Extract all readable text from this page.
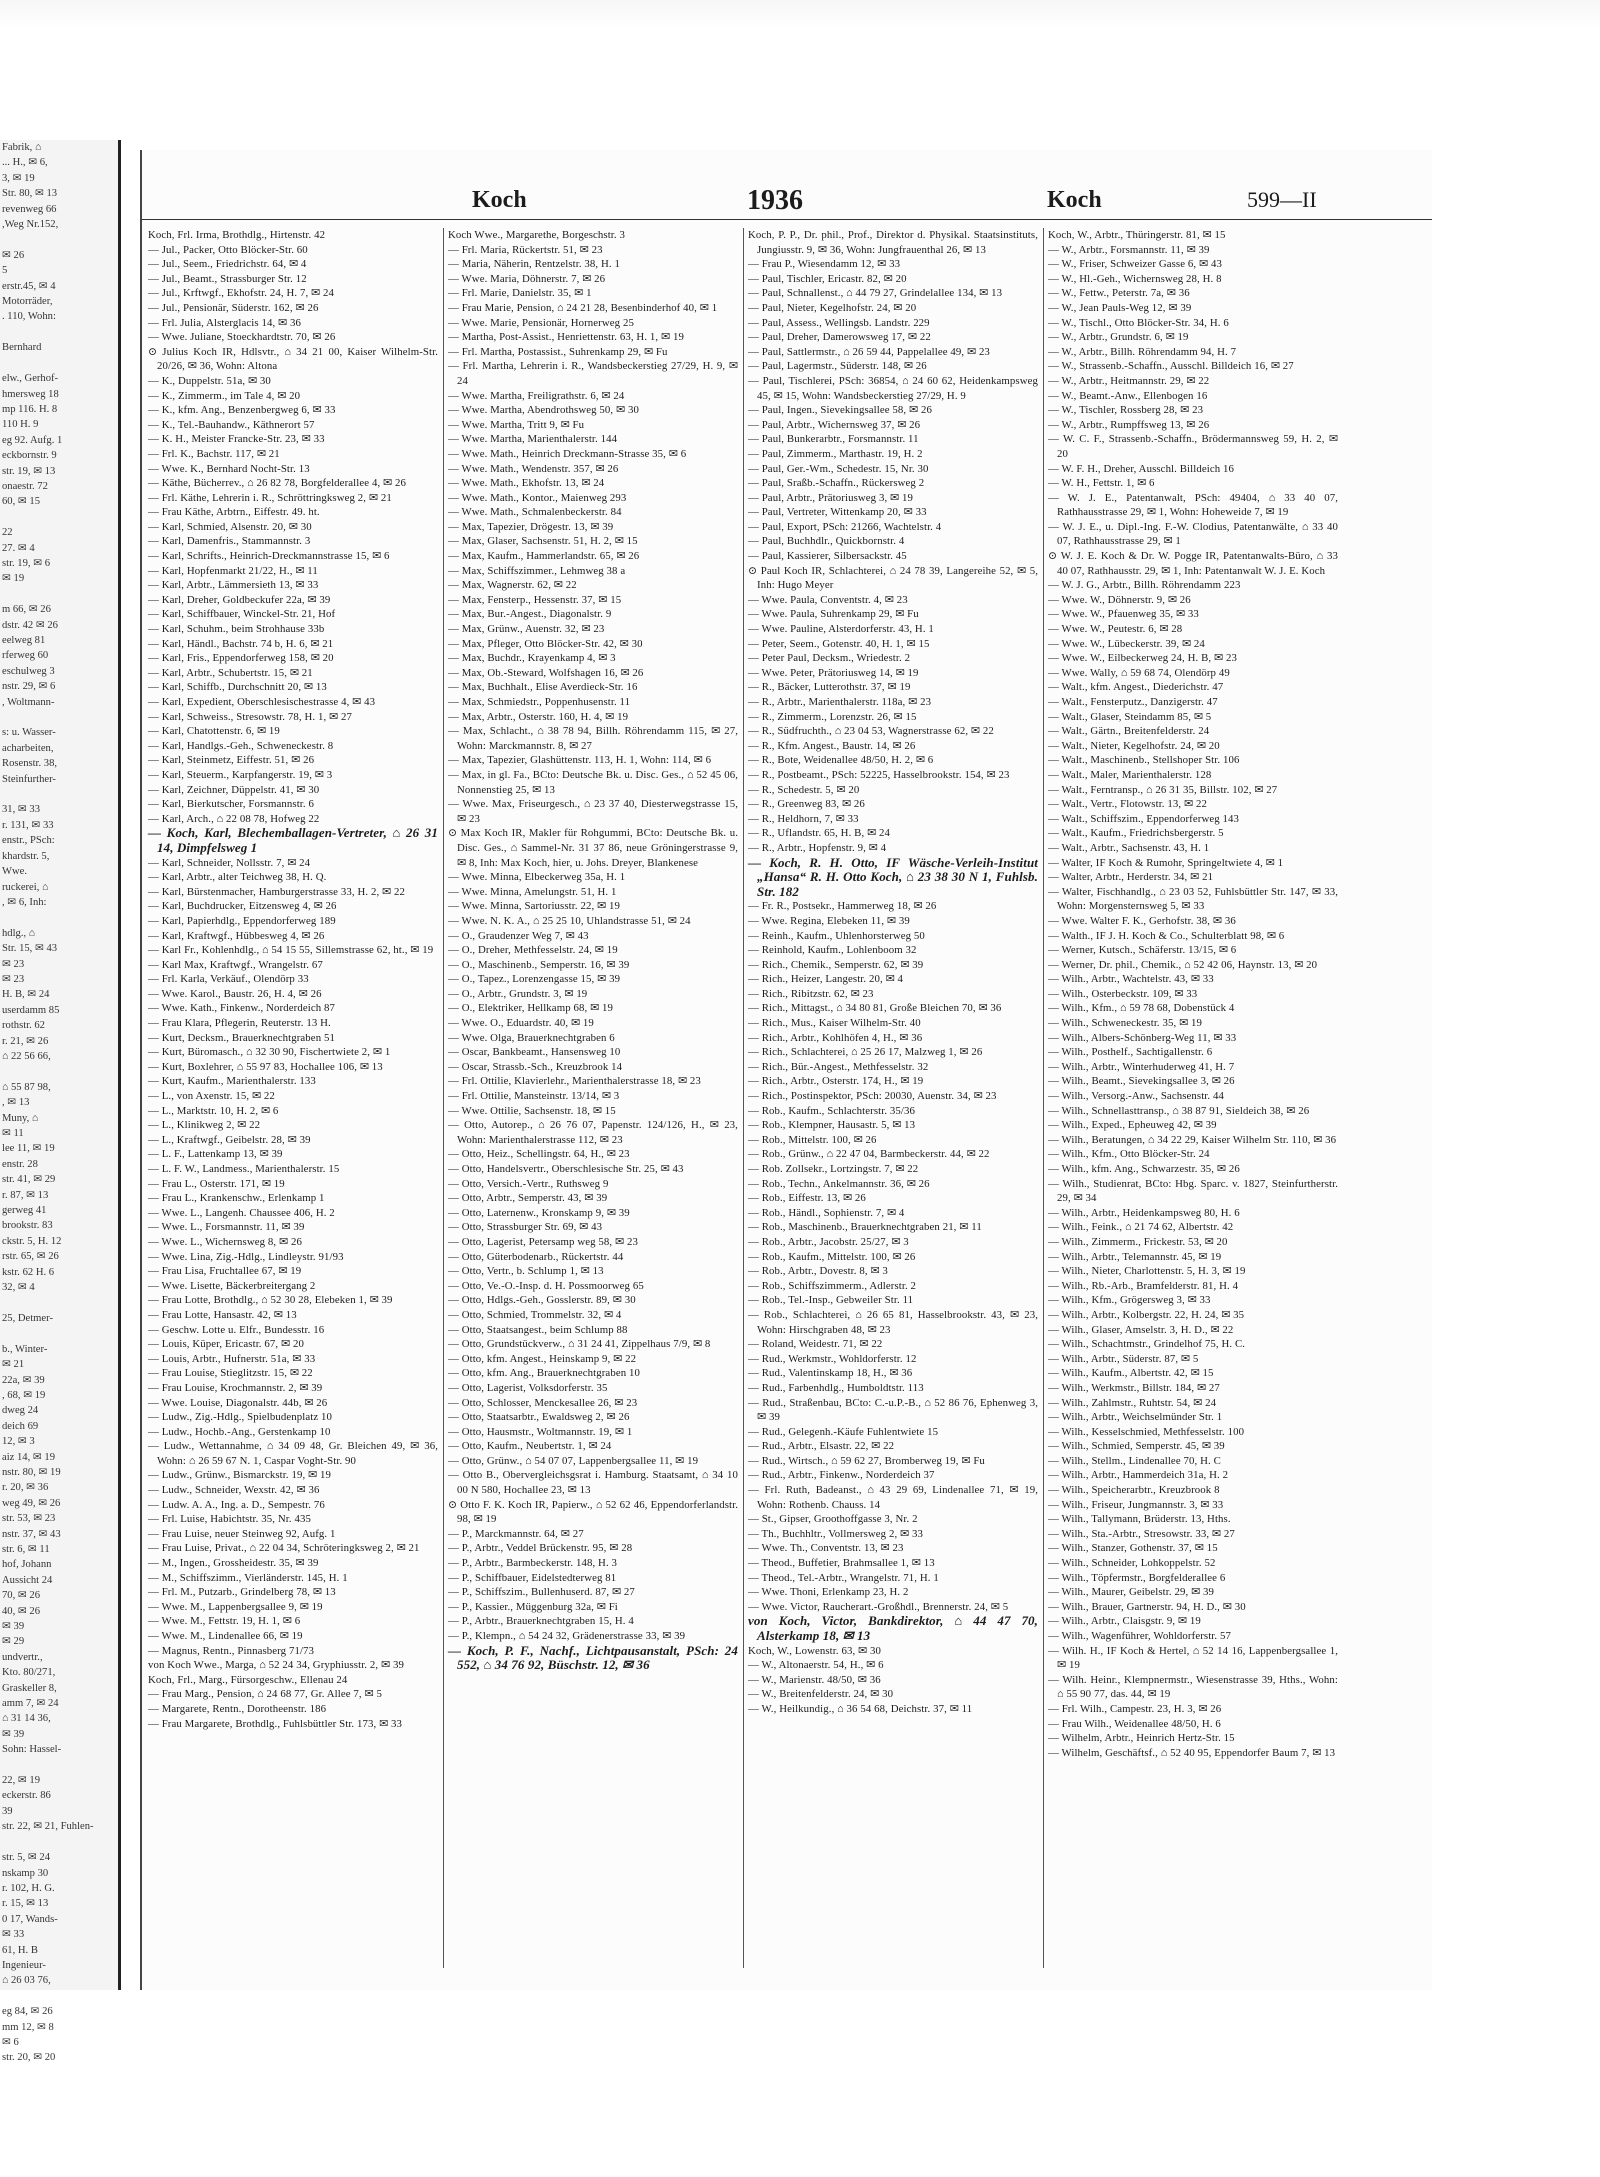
Fabrik, ⌂
... H., ✉ 6,
3, ✉ 19
Str. 80, ✉ 13
revenweg 66
,Weg Nr.152,

✉ 26
5
erstr.45, ✉ 4
Motorräder,
. 110, Wohn:

Bernhard

elw., Gerhof-
hmersweg 18
mp 116. H. 8
110 H. 9
eg 92. Aufg. 1
eckbornstr. 9
str. 19, ✉ 13
onaestr. 72
60, ✉ 15

22
27. ✉ 4
str. 19, ✉ 6
✉ 19

m 66, ✉ 26
dstr. 42 ✉ 26
eelweg 81
rferweg 60
eschulweg 3
nstr. 29, ✉ 6
, Woltmann-

s: u. Wasser-
acharbeiten,
Rosenstr. 38,
Steinfurther-

31, ✉ 33
r. 131, ✉ 33
enstr., PSch:
khardstr. 5,
Wwe.
ruckerei, ⌂
, ✉ 6, Inh:

hdlg., ⌂
Str. 15, ✉ 43
✉ 23
✉ 23
H. B, ✉ 24
userdamm 85
rothstr. 62
r. 21, ✉ 26
⌂ 22 56 66,

⌂ 55 87 98,
, ✉ 13
Muny, ⌂
✉ 11
lee 11, ✉ 19
enstr. 28
str. 41, ✉ 29
r. 87, ✉ 13
gerweg 41
brookstr. 83
ckstr. 5, H. 12
rstr. 65, ✉ 26
kstr. 62 H. 6
32, ✉ 4

25, Detmer-

b., Winter-
✉ 21
22a, ✉ 39
, 68, ✉ 19
dweg 24
deich 69
12, ✉ 3
aiz 14, ✉ 19
nstr. 80, ✉ 19
r. 20, ✉ 36
weg 49, ✉ 26
str. 53, ✉ 23
nstr. 37, ✉ 43
str. 6, ✉ 11
hof, Johann
Aussicht 24
70, ✉ 26
40, ✉ 26
✉ 39
✉ 29
undvertr.,
Kto. 80/271,
Graskeller 8,
amm 7, ✉ 24
⌂ 31 14 36,
✉ 39
Sohn: Hassel-

22, ✉ 19
eckerstr. 86
39
str. 22, ✉ 21, Fuhlen-

str. 5, ✉ 24
nskamp 30
r. 102, H. G.
r. 15, ✉ 13
0 17, Wands-
✉ 33
61, H. B
Ingenieur-
⌂ 26 03 76,

eg 84, ✉ 26
mm 12, ✉ 8
✉ 6
str. 20, ✉ 20
Koch	1936	Koch	599—II

Koch, Frl. Irma, Brothdlg., Hirtenstr. 42

— Jul., Packer, Otto Blöcker-Str. 60

— Jul., Seem., Friedrichstr. 64, ✉ 4

— Jul., Beamt., Strassburger Str. 12

— Jul., Krftwgf., Ekhofstr. 24, H. 7, ✉ 24

— Jul., Pensionär, Süderstr. 162, ✉ 26

— Frl. Julia, Alsterglacis 14, ✉ 36

— Wwe. Juliane, Stoeckhardtstr. 70, ✉ 26

⊙ Julius Koch IR, Hdlsvtr., ⌂ 34 21 00, Kaiser Wilhelm-Str. 20/26, ✉ 36, Wohn: Altona

— K., Duppelstr. 51a, ✉ 30

— K., Zimmerm., im Tale 4, ✉ 20

— K., kfm. Ang., Benzenbergweg 6, ✉ 33

— K., Tel.-Bauhandw., Käthnerort 57

— K. H., Meister Francke-Str. 23, ✉ 33

— Frl. K., Bachstr. 117, ✉ 21

— Wwe. K., Bernhard Nocht-Str. 13

— Käthe, Bücherrev., ⌂ 26 82 78, Borgfelderallee 4, ✉ 26

— Frl. Käthe, Lehrerin i. R., Schröttringksweg 2, ✉ 21

— Frau Käthe, Arbtrn., Eiffestr. 49. ht.

— Karl, Schmied, Alsenstr. 20, ✉ 30

— Karl, Damenfris., Stammannstr. 3

— Karl, Schrifts., Heinrich-Dreckmannstrasse 15, ✉ 6

— Karl, Hopfenmarkt 21/22, H., ✉ 11

— Karl, Arbtr., Lämmersieth 13, ✉ 33

— Karl, Dreher, Goldbeckufer 22a, ✉ 39

— Karl, Schiffbauer, Winckel-Str. 21, Hof

— Karl, Schuhm., beim Strohhause 33b

— Karl, Händl., Bachstr. 74 b, H. 6, ✉ 21

— Karl, Fris., Eppendorferweg 158, ✉ 20

— Karl, Arbtr., Schubertstr. 15, ✉ 21

— Karl, Schiffb., Durchschnitt 20, ✉ 13

— Karl, Expedient, Oberschlesischestrasse 4, ✉ 43

— Karl, Schweiss., Stresowstr. 78, H. 1, ✉ 27

— Karl, Chatottenstr. 6, ✉ 19

— Karl, Handlgs.-Geh., Schweneckestr. 8

— Karl, Steinmetz, Eiffestr. 51, ✉ 26

— Karl, Steuerm., Karpfangerstr. 19, ✉ 3

— Karl, Zeichner, Düppelstr. 41, ✉ 30

— Karl, Bierkutscher, Forsmannstr. 6

— Karl, Arch., ⌂ 22 08 78, Hofweg 22

— Koch, Karl, Blechemballagen-Vertreter, ⌂ 26 31 14, Dimpfelsweg 1

— Karl, Schneider, Nollsstr. 7, ✉ 24

— Karl, Arbtr., alter Teichweg 38, H. Q.

— Karl, Bürstenmacher, Hamburgerstrasse 33, H. 2, ✉ 22

— Karl, Buchdrucker, Eitzensweg 4, ✉ 26

— Karl, Papierhdlg., Eppendorferweg 189

— Karl, Kraftwgf., Hübbesweg 4, ✉ 26

— Karl Fr., Kohlenhdlg., ⌂ 54 15 55, Sillemstrasse 62, ht., ✉ 19

— Karl Max, Kraftwgf., Wrangelstr. 67

— Frl. Karla, Verkäuf., Olendörp 33

— Wwe. Karol., Baustr. 26, H. 4, ✉ 26

— Wwe. Kath., Finkenw., Norderdeich 87

— Frau Klara, Pflegerin, Reuterstr. 13 H.

— Kurt, Decksm., Brauerknechtgraben 51

— Kurt, Büromasch., ⌂ 32 30 90, Fischertwiete 2, ✉ 1

— Kurt, Boxlehrer, ⌂ 55 97 83, Hochallee 106, ✉ 13

— Kurt, Kaufm., Marienthalerstr. 133

— L., von Axenstr. 15, ✉ 22

— L., Marktstr. 10, H. 2, ✉ 6

— L., Klinikweg 2, ✉ 22

— L., Kraftwgf., Geibelstr. 28, ✉ 39

— L. F., Lattenkamp 13, ✉ 39

— L. F. W., Landmess., Marienthalerstr. 15

— Frau L., Osterstr. 171, ✉ 19

— Frau L., Krankenschw., Erlenkamp 1

— Wwe. L., Langenh. Chaussee 406, H. 2

— Wwe. L., Forsmannstr. 11, ✉ 39

— Wwe. L., Wichernsweg 8, ✉ 26

— Wwe. Lina, Zig.-Hdlg., Lindleystr. 91/93

— Frau Lisa, Fruchtallee 67, ✉ 19

— Wwe. Lisette, Bäckerbreitergang 2

— Frau Lotte, Brothdlg., ⌂ 52 30 28, Elebeken 1, ✉ 39

— Frau Lotte, Hansastr. 42, ✉ 13

— Geschw. Lotte u. Elfr., Bundesstr. 16

— Louis, Küper, Ericastr. 67, ✉ 20

— Louis, Arbtr., Hufnerstr. 51a, ✉ 33

— Frau Louise, Stieglitzstr. 15, ✉ 22

— Frau Louise, Krochmannstr. 2, ✉ 39

— Wwe. Louise, Diagonalstr. 44b, ✉ 26

— Ludw., Zig.-Hdlg., Spielbudenplatz 10

— Ludw., Hochb.-Ang., Gerstenkamp 10

— Ludw., Wettannahme, ⌂ 34 09 48, Gr. Bleichen 49, ✉ 36, Wohn: ⌂ 26 59 67 N. 1, Caspar Voght-Str. 90

— Ludw., Grünw., Bismarckstr. 19, ✉ 19

— Ludw., Schneider, Wexstr. 42, ✉ 36

— Ludw. A. A., Ing. a. D., Sempestr. 76

— Frl. Luise, Habichtstr. 35, Nr. 435

— Frau Luise, neuer Steinweg 92, Aufg. 1

— Frau Luise, Privat., ⌂ 22 04 34, Schröteringksweg 2, ✉ 21

— M., Ingen., Grossheidestr. 35, ✉ 39

— M., Schiffszimm., Vierländerstr. 145, H. 1

— Frl. M., Putzarb., Grindelberg 78, ✉ 13

— Wwe. M., Lappenbergsallee 9, ✉ 19

— Wwe. M., Fettstr. 19, H. 1, ✉ 6

— Wwe. M., Lindenallee 66, ✉ 19

— Magnus, Rentn., Pinnasberg 71/73

von Koch Wwe., Marga, ⌂ 52 24 34, Gryphiusstr. 2, ✉ 39

Koch, Frl., Marg., Fürsorgeschw., Ellenau 24

— Frau Marg., Pension, ⌂ 24 68 77, Gr. Allee 7, ✉ 5

— Margarete, Rentn., Dorotheenstr. 186

— Frau Margarete, Brothdlg., Fuhlsbüttler Str. 173, ✉ 33

Koch Wwe., Margarethe, Borgeschstr. 3

— Frl. Maria, Rückertstr. 51, ✉ 23

— Maria, Näherin, Rentzelstr. 38, H. 1

— Wwe. Maria, Döhnerstr. 7, ✉ 26

— Frl. Marie, Danielstr. 35, ✉ 1

— Frau Marie, Pension, ⌂ 24 21 28, Besenbinderhof 40, ✉ 1

— Wwe. Marie, Pensionär, Hornerweg 25

— Martha, Post-Assist., Henriettenstr. 63, H. 1, ✉ 19

— Frl. Martha, Postassist., Suhrenkamp 29, ✉ Fu

— Frl. Martha, Lehrerin i. R., Wandsbeckerstieg 27/29, H. 9, ✉ 24

— Wwe. Martha, Freiligrathstr. 6, ✉ 24

— Wwe. Martha, Abendrothsweg 50, ✉ 30

— Wwe. Martha, Tritt 9, ✉ Fu

— Wwe. Martha, Marienthalerstr. 144

— Wwe. Math., Heinrich Dreckmann-Strasse 35, ✉ 6

— Wwe. Math., Wendenstr. 357, ✉ 26

— Wwe. Math., Ekhofstr. 13, ✉ 24

— Wwe. Math., Kontor., Maienweg 293

— Wwe. Math., Schmalenbeckerstr. 84

— Max, Tapezier, Drögestr. 13, ✉ 39

— Max, Glaser, Sachsenstr. 51, H. 2, ✉ 15

— Max, Kaufm., Hammerlandstr. 65, ✉ 26

— Max, Schiffszimmer., Lehmweg 38 a

— Max, Wagnerstr. 62, ✉ 22

— Max, Fensterp., Hessenstr. 37, ✉ 15

— Max, Bur.-Angest., Diagonalstr. 9

— Max, Grünw., Auenstr. 32, ✉ 23

— Max, Pfleger, Otto Blöcker-Str. 42, ✉ 30

— Max, Buchdr., Krayenkamp 4, ✉ 3

— Max, Ob.-Steward, Wolfshagen 16, ✉ 26

— Max, Buchhalt., Elise Averdieck-Str. 16

— Max, Schmiedstr., Poppenhusenstr. 11

— Max, Arbtr., Osterstr. 160, H. 4, ✉ 19

— Max, Schlacht., ⌂ 38 78 94, Billh. Röhrendamm 115, ✉ 27, Wohn: Marckmannstr. 8, ✉ 27

— Max, Tapezier, Glashüttenstr. 113, H. 1, Wohn: 114, ✉ 6

— Max, in gl. Fa., BCto: Deutsche Bk. u. Disc. Ges., ⌂ 52 45 06, Nonnenstieg 25, ✉ 13

— Wwe. Max, Friseurgesch., ⌂ 23 37 40, Diesterwegstrasse 15, ✉ 23

⊙ Max Koch IR, Makler für Rohgummi, BCto: Deutsche Bk. u. Disc. Ges., ⌂ Sammel-Nr. 31 37 86, neue Gröningerstrasse 9, ✉ 8, Inh: Max Koch, hier, u. Johs. Dreyer, Blankenese

— Wwe. Minna, Elbeckerweg 35a, H. 1

— Wwe. Minna, Amelungstr. 51, H. 1

— Wwe. Minna, Sartoriusstr. 22, ✉ 19

— Wwe. N. K. A., ⌂ 25 25 10, Uhlandstrasse 51, ✉ 24

— O., Graudenzer Weg 7, ✉ 43

— O., Dreher, Methfesselstr. 24, ✉ 19

— O., Maschinenb., Semperstr. 16, ✉ 39

— O., Tapez., Lorenzengasse 15, ✉ 39

— O., Arbtr., Grundstr. 3, ✉ 19

— O., Elektriker, Hellkamp 68, ✉ 19

— Wwe. O., Eduardstr. 40, ✉ 19

— Wwe. Olga, Brauerknechtgraben 6

— Oscar, Bankbeamt., Hansensweg 10

— Oscar, Strassb.-Sch., Kreuzbrook 14

— Frl. Ottilie, Klavierlehr., Marienthalerstrasse 18, ✉ 23

— Frl. Ottilie, Mansteinstr. 13/14, ✉ 3

— Wwe. Ottilie, Sachsenstr. 18, ✉ 15

— Otto, Autorep., ⌂ 26 76 07, Papenstr. 124/126, H., ✉ 23, Wohn: Marienthalerstrasse 112, ✉ 23

— Otto, Heiz., Schellingstr. 64, H., ✉ 23

— Otto, Handelsvertr., Oberschlesische Str. 25, ✉ 43

— Otto, Versich.-Vertr., Ruthsweg 9

— Otto, Arbtr., Semperstr. 43, ✉ 39

— Otto, Laternenw., Kronskamp 9, ✉ 39

— Otto, Strassburger Str. 69, ✉ 43

— Otto, Lagerist, Petersamp weg 58, ✉ 23

— Otto, Güterbodenarb., Rückertstr. 44

— Otto, Vertr., b. Schlump 1, ✉ 13

— Otto, Ve.-O.-Insp. d. H. Possmoorweg 65

— Otto, Hdlgs.-Geh., Gosslerstr. 89, ✉ 30

— Otto, Schmied, Trommelstr. 32, ✉ 4

— Otto, Staatsangest., beim Schlump 88

— Otto, Grundstückverw., ⌂ 31 24 41, Zippelhaus 7/9, ✉ 8

— Otto, kfm. Angest., Heinskamp 9, ✉ 22

— Otto, kfm. Ang., Brauerknechtgraben 10

— Otto, Lagerist, Volksdorferstr. 35

— Otto, Schlosser, Menckesallee 26, ✉ 23

— Otto, Staatsarbtr., Ewaldsweg 2, ✉ 26

— Otto, Hausmstr., Woltmannstr. 19, ✉ 1

— Otto, Kaufm., Neubertstr. 1, ✉ 24

— Otto, Grünw., ⌂ 54 07 07, Lappenbergsallee 11, ✉ 19

— Otto B., Obervergleichsgsrat i. Hamburg. Staatsamt, ⌂ 34 10 00 N 580, Hochallee 23, ✉ 13

⊙ Otto F. K. Koch IR, Papierw., ⌂ 52 62 46, Eppendorferlandstr. 98, ✉ 19

— P., Marckmannstr. 64, ✉ 27

— P., Arbtr., Veddel Brückenstr. 95, ✉ 28

— P., Arbtr., Barmbeckerstr. 148, H. 3

— P., Schiffbauer, Eidelstedterweg 81

— P., Schiffszim., Bullenhuserd. 87, ✉ 27

— P., Kassier., Müggenburg 32a, ✉ Fi

— P., Arbtr., Brauerknechtgraben 15, H. 4

— P., Klempn., ⌂ 54 24 32, Grädenerstrasse 33, ✉ 39

— Koch, P. F., Nachf., Lichtpausanstalt, PSch: 24 552, ⌂ 34 76 92, Büschstr. 12, ✉ 36

Koch, P. P., Dr. phil., Prof., Direktor d. Physikal. Staatsinstituts, Jungiusstr. 9, ✉ 36, Wohn: Jungfrauenthal 26, ✉ 13

— Frau P., Wiesendamm 12, ✉ 33

— Paul, Tischler, Ericastr. 82, ✉ 20

— Paul, Schnallenst., ⌂ 44 79 27, Grindelallee 134, ✉ 13

— Paul, Nieter, Kegelhofstr. 24, ✉ 20

— Paul, Assess., Wellingsb. Landstr. 229

— Paul, Dreher, Damerowsweg 17, ✉ 22

— Paul, Sattlermstr., ⌂ 26 59 44, Pappelallee 49, ✉ 23

— Paul, Lagermstr., Süderstr. 148, ✉ 26

— Paul, Tischlerei, PSch: 36854, ⌂ 24 60 62, Heidenkampsweg 45, ✉ 15, Wohn: Wandsbeckerstieg 27/29, H. 9

— Paul, Ingen., Sievekingsallee 58, ✉ 26

— Paul, Arbtr., Wichernsweg 37, ✉ 26

— Paul, Bunkerarbtr., Forsmannstr. 11

— Paul, Zimmerm., Marthastr. 19, H. 2

— Paul, Ger.-Wm., Schedestr. 15, Nr. 30

— Paul, Sraßb.-Schaffn., Rückersweg 2

— Paul, Arbtr., Prätoriusweg 3, ✉ 19

— Paul, Vertreter, Wittenkamp 20, ✉ 33

— Paul, Export, PSch: 21266, Wachtelstr. 4

— Paul, Buchhdlr., Quickbornstr. 4

— Paul, Kassierer, Silbersackstr. 45

⊙ Paul Koch IR, Schlachterei, ⌂ 24 78 39, Langereihe 52, ✉ 5, Inh: Hugo Meyer

— Wwe. Paula, Conventstr. 4, ✉ 23

— Wwe. Paula, Suhrenkamp 29, ✉ Fu

— Wwe. Pauline, Alsterdorferstr. 43, H. 1

— Peter, Seem., Gotenstr. 40, H. 1, ✉ 15

— Peter Paul, Decksm., Wriedestr. 2

— Wwe. Peter, Prätoriusweg 14, ✉ 19

— R., Bäcker, Lutterothstr. 37, ✉ 19

— R., Arbtr., Marienthalerstr. 118a, ✉ 23

— R., Zimmerm., Lorenzstr. 26, ✉ 15

— R., Südfruchth., ⌂ 23 04 53, Wagnerstrasse 62, ✉ 22

— R., Kfm. Angest., Baustr. 14, ✉ 26

— R., Bote, Weidenallee 48/50, H. 2, ✉ 6

— R., Postbeamt., PSch: 52225, Hasselbrookstr. 154, ✉ 23

— R., Schedestr. 5, ✉ 20

— R., Greenweg 83, ✉ 26

— R., Heldhorn, 7, ✉ 33

— R., Uflandstr. 65, H. B, ✉ 24

— R., Arbtr., Hopfenstr. 9, ✉ 4

— Koch, R. H. Otto, IF Wäsche-Verleih-Institut „Hansa“ R. H. Otto Koch, ⌂ 23 38 30 N 1, Fuhlsb. Str. 182

— Fr. R., Postsekr., Hammerweg 18, ✉ 26

— Wwe. Regina, Elebeken 11, ✉ 39

— Reinh., Kaufm., Uhlenhorsterweg 50

— Reinhold, Kaufm., Lohlenboom 32

— Rich., Chemik., Semperstr. 62, ✉ 39

— Rich., Heizer, Langestr. 20, ✉ 4

— Rich., Ribitzstr. 62, ✉ 23

— Rich., Mittagst., ⌂ 34 80 81, Große Bleichen 70, ✉ 36

— Rich., Mus., Kaiser Wilhelm-Str. 40

— Rich., Arbtr., Kohlhöfen 4, H., ✉ 36

— Rich., Schlachterei, ⌂ 25 26 17, Malzweg 1, ✉ 26

— Rich., Bür.-Angest., Methfesselstr. 32

— Rich., Arbtr., Osterstr. 174, H., ✉ 19

— Rich., Postinspektor, PSch: 20030, Auenstr. 34, ✉ 23

— Rob., Kaufm., Schlachterstr. 35/36

— Rob., Klempner, Hausastr. 5, ✉ 13

— Rob., Mittelstr. 100, ✉ 26

— Rob., Grünw., ⌂ 22 47 04, Barmbeckerstr. 44, ✉ 22

— Rob. Zollsekr., Lortzingstr. 7, ✉ 22

— Rob., Techn., Ankelmannstr. 36, ✉ 26

— Rob., Eiffestr. 13, ✉ 26

— Rob., Händl., Sophienstr. 7, ✉ 4

— Rob., Maschinenb., Brauerknechtgraben 21, ✉ 11

— Rob., Arbtr., Jacobstr. 25/27, ✉ 3

— Rob., Kaufm., Mittelstr. 100, ✉ 26

— Rob., Arbtr., Dovestr. 8, ✉ 3

— Rob., Schiffszimmerm., Adlerstr. 2

— Rob., Tel.-Insp., Gebweiler Str. 11

— Rob., Schlachterei, ⌂ 26 65 81, Hasselbrookstr. 43, ✉ 23, Wohn: Hirschgraben 48, ✉ 23

— Roland, Weidestr. 71, ✉ 22

— Rud., Werkmstr., Wohldorferstr. 12

— Rud., Valentinskamp 18, H., ✉ 36

— Rud., Farbenhdlg., Humboldtstr. 113

— Rud., Straßenbau, BCto: C.-u.P.-B., ⌂ 52 86 76, Ephenweg 3, ✉ 39

— Rud., Gelegenh.-Käufe Fuhlentwiete 15

— Rud., Arbtr., Elsastr. 22, ✉ 22

— Rud., Wirtsch., ⌂ 59 62 27, Bromberweg 19, ✉ Fu

— Rud., Arbtr., Finkenw., Norderdeich 37

— Frl. Ruth, Badeanst., ⌂ 43 29 69, Lindenallee 71, ✉ 19, Wohn: Rothenb. Chauss. 14

— St., Gipser, Groothoffgasse 3, Nr. 2

— Th., Buchhltr., Vollmersweg 2, ✉ 33

— Wwe. Th., Conventstr. 13, ✉ 23

— Theod., Buffetier, Brahmsallee 1, ✉ 13

— Theod., Tel.-Arbtr., Wrangelstr. 71, H. 1

— Wwe. Thoni, Erlenkamp 23, H. 2

— Wwe. Victor, Raucherart.-Großhdl., Brennerstr. 24, ✉ 5

von Koch, Victor, Bankdirektor, ⌂ 44 47 70, Alsterkamp 18, ✉ 13

Koch, W., Lowenstr. 63, ✉ 30

— W., Altonaerstr. 54, H., ✉ 6

— W., Marienstr. 48/50, ✉ 36

— W., Breitenfelderstr. 24, ✉ 30

— W., Heilkundig., ⌂ 36 54 68, Deichstr. 37, ✉ 11

Koch, W., Arbtr., Thüringerstr. 81, ✉ 15

— W., Arbtr., Forsmannstr. 11, ✉ 39

— W., Friser, Schweizer Gasse 6, ✉ 43

— W., Hl.-Geh., Wichernsweg 28, H. 8

— W., Fettw., Peterstr. 7a, ✉ 36

— W., Jean Pauls-Weg 12, ✉ 39

— W., Tischl., Otto Blöcker-Str. 34, H. 6

— W., Arbtr., Grundstr. 6, ✉ 19

— W., Arbtr., Billh. Röhrendamm 94, H. 7

— W., Strassenb.-Schaffn., Ausschl. Billdeich 16, ✉ 27

— W., Arbtr., Heitmannstr. 29, ✉ 22

— W., Beamt.-Anw., Ellenbogen 16

— W., Tischler, Rossberg 28, ✉ 23

— W., Arbtr., Rumpffsweg 13, ✉ 26

— W. C. F., Strassenb.-Schaffn., Brödermannsweg 59, H. 2, ✉ 20

— W. F. H., Dreher, Ausschl. Billdeich 16

— W. H., Fettstr. 1, ✉ 6

— W. J. E., Patentanwalt, PSch: 49404, ⌂ 33 40 07, Rathhausstrasse 29, ✉ 1, Wohn: Hoheweide 7, ✉ 19

— W. J. E., u. Dipl.-Ing. F.-W. Clodius, Patentanwälte, ⌂ 33 40 07, Rathhausstrasse 29, ✉ 1

⊙ W. J. E. Koch & Dr. W. Pogge IR, Patentanwalts-Büro, ⌂ 33 40 07, Rathhausstr. 29, ✉ 1, Inh: Patentanwalt W. J. E. Koch

— W. J. G., Arbtr., Billh. Röhrendamm 223

— Wwe. W., Döhnerstr. 9, ✉ 26

— Wwe. W., Pfauenweg 35, ✉ 33

— Wwe. W., Peutestr. 6, ✉ 28

— Wwe. W., Lübeckerstr. 39, ✉ 24

— Wwe. W., Eilbeckerweg 24, H. B, ✉ 23

— Wwe. Wally, ⌂ 59 68 74, Olendörp 49

— Walt., kfm. Angest., Diederichstr. 47

— Walt., Fensterputz., Danzigerstr. 47

— Walt., Glaser, Steindamm 85, ✉ 5

— Walt., Gärtn., Breitenfelderstr. 24

— Walt., Nieter, Kegelhofstr. 24, ✉ 20

— Walt., Maschinenb., Stellshoper Str. 106

— Walt., Maler, Marienthalerstr. 128

— Walt., Ferntransp., ⌂ 26 31 35, Billstr. 102, ✉ 27

— Walt., Vertr., Flotowstr. 13, ✉ 22

— Walt., Schiffszim., Eppendorferweg 143

— Walt., Kaufm., Friedrichsbergerstr. 5

— Walt., Arbtr., Sachsenstr. 43, H. 1

— Walter, IF Koch & Rumohr, Springeltwiete 4, ✉ 1

— Walter, Arbtr., Herderstr. 34, ✉ 21

— Walter, Fischhandlg., ⌂ 23 03 52, Fuhlsbüttler Str. 147, ✉ 33, Wohn: Morgensternsweg 5, ✉ 33

— Wwe. Walter F. K., Gerhofstr. 38, ✉ 36

— Walth., IF J. H. Koch & Co., Schulterblatt 98, ✉ 6

— Werner, Kutsch., Schäferstr. 13/15, ✉ 6

— Werner, Dr. phil., Chemik., ⌂ 52 42 06, Haynstr. 13, ✉ 20

— Wilh., Arbtr., Wachtelstr. 43, ✉ 33

— Wilh., Osterbeckstr. 109, ✉ 33

— Wilh., Kfm., ⌂ 59 78 68, Dobenstück 4

— Wilh., Schweneckestr. 35, ✉ 19

— Wilh., Albers-Schönberg-Weg 11, ✉ 33

— Wilh., Posthelf., Sachtigallenstr. 6

— Wilh., Arbtr., Winterhuderweg 41, H. 7

— Wilh., Beamt., Sievekingsallee 3, ✉ 26

— Wilh., Versorg.-Anw., Sachsenstr. 44

— Wilh., Schnellasttransp., ⌂ 38 87 91, Sieldeich 38, ✉ 26

— Wilh., Exped., Epheuweg 42, ✉ 39

— Wilh., Beratungen, ⌂ 34 22 29, Kaiser Wilhelm Str. 110, ✉ 36

— Wilh., Kfm., Otto Blöcker-Str. 24

— Wilh., kfm. Ang., Schwarzestr. 35, ✉ 26

— Wilh., Studienrat, BCto: Hbg. Sparc. v. 1827, Steinfurtherstr. 29, ✉ 34

— Wilh., Arbtr., Heidenkampsweg 80, H. 6

— Wilh., Feink., ⌂ 21 74 62, Albertstr. 42

— Wilh., Zimmerm., Frickestr. 53, ✉ 20

— Wilh., Arbtr., Telemannstr. 45, ✉ 19

— Wilh., Nieter, Charlottenstr. 5, H. 3, ✉ 19

— Wilh., Rb.-Arb., Bramfelderstr. 81, H. 4

— Wilh., Kfm., Grögersweg 3, ✉ 33

— Wilh., Arbtr., Kolbergstr. 22, H. 24, ✉ 35

— Wilh., Glaser, Amselstr. 3, H. D., ✉ 22

— Wilh., Schachtmstr., Grindelhof 75, H. C.

— Wilh., Arbtr., Süderstr. 87, ✉ 5

— Wilh., Kaufm., Albertstr. 42, ✉ 15

— Wilh., Werkmstr., Billstr. 184, ✉ 27

— Wilh., Zahlmstr., Ruhtstr. 54, ✉ 24

— Wilh., Arbtr., Weichselmünder Str. 1

— Wilh., Kesselschmied, Methfesselstr. 100

— Wilh., Schmied, Semperstr. 45, ✉ 39

— Wilh., Stellm., Lindenallee 70, H. C

— Wilh., Arbtr., Hammerdeich 31a, H. 2

— Wilh., Speicherarbtr., Kreuzbrook 8

— Wilh., Friseur, Jungmannstr. 3, ✉ 33

— Wilh., Tallymann, Brüderstr. 13, Hths.

— Wilh., Sta.-Arbtr., Stresowstr. 33, ✉ 27

— Wilh., Stanzer, Gothenstr. 37, ✉ 15

— Wilh., Schneider, Lohkoppelstr. 52

— Wilh., Töpfermstr., Borgfelderallee 6

— Wilh., Maurer, Geibelstr. 29, ✉ 39

— Wilh., Brauer, Gartnerstr. 94, H. D., ✉ 30

— Wilh., Arbtr., Claisgstr. 9, ✉ 19

— Wilh., Wagenführer, Wohldorferstr. 57

— Wilh. H., IF Koch & Hertel, ⌂ 52 14 16, Lappenbergsallee 1, ✉ 19

— Wilh. Heinr., Klempnermstr., Wiesenstrasse 39, Hths., Wohn: ⌂ 55 90 77, das. 44, ✉ 19

— Frl. Wilh., Campestr. 23, H. 3, ✉ 26

— Frau Wilh., Weidenallee 48/50, H. 6

— Wilhelm, Arbtr., Heinrich Hertz-Str. 15

— Wilhelm, Geschäftsf., ⌂ 52 40 95, Eppendorfer Baum 7, ✉ 13
